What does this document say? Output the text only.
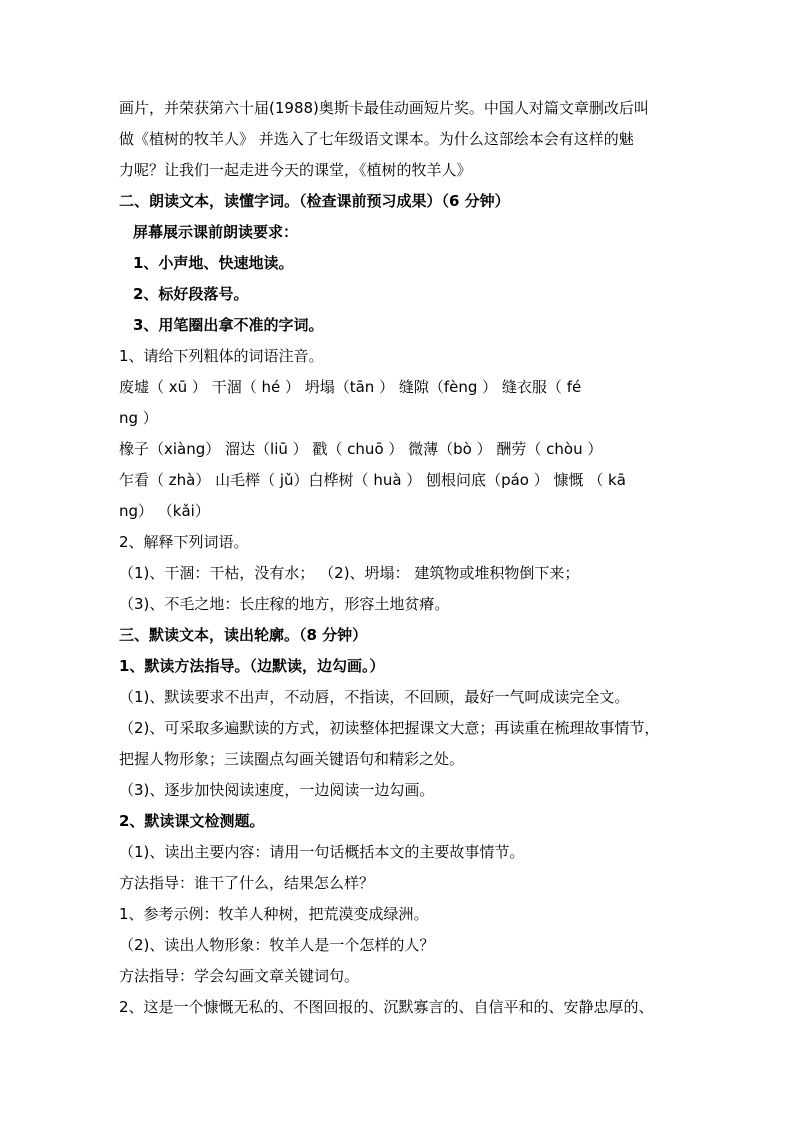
画片，并荣获第六十届(1988)奥斯卡最佳动画短片奖。中国人对篇文章删改后叫
做《植树的牧羊人》 并选入了七年级语文课本。为什么这部绘本会有这样的魅
力呢？让我们一起走进今天的课堂，《植树的牧羊人》
二、朗读文本，读懂字词。（检查课前预习成果）（6 分钟）
屏幕展示课前朗读要求：
1、小声地、快速地读。
2、标好段落号。
3、用笔圈出拿不准的字词。
1、请给下列粗体的词语注音。
废墟（ xū ） 干涸（ hé ） 坍塌（tān ） 缝隙（fèng ） 缝衣服（ fé
ng ）
橡子（xiàng） 溜达（liū ） 戳（ chuō ） 微薄（bò ） 酬劳（ chòu ）
乍看（ zhà） 山毛榉（ jǔ）白桦树（ huà ） 刨根问底（páo ） 慷慨 （ kā
ng） （kǎi）
2、解释下列词语。
（1)、干涸：干枯，没有水； （2)、坍塌： 建筑物或堆积物倒下来；
（3)、不毛之地：长庄稼的地方，形容土地贫瘠。
三、默读文本，读出轮廓。（8 分钟）
1、默读方法指导。（边默读，边勾画。）
（1)、默读要求不出声，不动唇，不指读，不回顾，最好一气呵成读完全文。
（2)、可采取多遍默读的方式，初读整体把握课文大意；再读重在梳理故事情节，
把握人物形象；三读圈点勾画关键语句和精彩之处。
（3)、逐步加快阅读速度，一边阅读一边勾画。
2、默读课文检测题。
（1)、读出主要内容：请用一句话概括本文的主要故事情节。
方法指导：谁干了什么，结果怎么样？
1、参考示例：牧羊人种树，把荒漠变成绿洲。
（2)、读出人物形象：牧羊人是一个怎样的人？
方法指导：学会勾画文章关键词句。
2、这是一个慷慨无私的、不图回报的、沉默寡言的、自信平和的、安静忠厚的、
